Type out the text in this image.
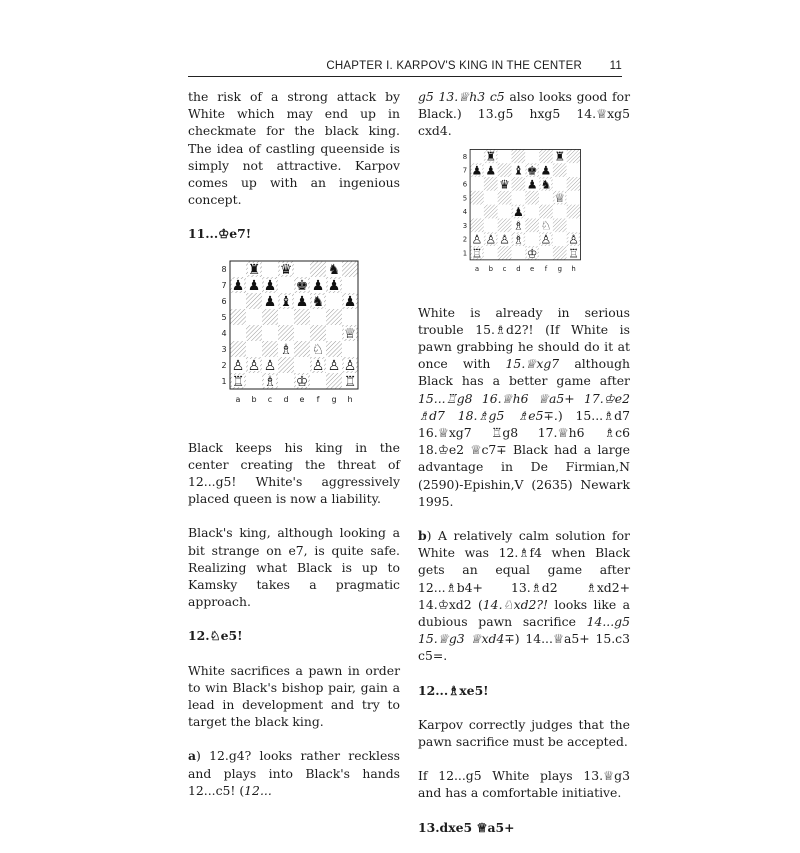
CHAPTER I. KARPOV'S KING IN THE CENTER 11

the risk of a strong attack by White which may end up in checkmate for the black king. The idea of castling queenside is simply not attractive. Karpov comes up with an ingenious concept.

11...♔e7!

8
7
6
5
4
3
2
1
a b c d e f g h
♜ ♛	♞
♟ ♟ ♟ ♚ ♟ ♟
♟ ♝ ♟ ♞ ♟
♕
♗ ♘
♙ ♙ ♙	♙ ♙ ♙
♖ ♗ ♔	♖

Black keeps his king in the center creating the threat of 12...g5! White's aggressively placed queen is now a liability.

Black's king, although looking a bit strange on e7, is quite safe. Realizing what Black is up to Kamsky takes a pragmatic approach.

12.♘e5!

White sacrifices a pawn in order to win Black's bishop pair, gain a lead in development and try to target the black king.

a) 12.g4? looks rather reckless and plays into Black's hands 12...c5! (12...

g5 13.♕h3 c5 also looks good for Black.) 13.g5 hxg5 14.♕xg5 cxd4.

8
7
6
5
4
3
2
1
a b c d e f g h
♜	♜
♟ ♟ ♝ ♚ ♟
♛ ♟ ♞
♕
♟
♗ ♘
♙ ♙ ♙ ♗ ♙ ♙
♖	♔ ♖

White is already in serious trouble 15.♗d2?! (If White is pawn grabbing he should do it at once with 15.♕xg7 although Black has a better game after 15...♖g8 16.♕h6 ♕a5+ 17.♔e2 ♗d7 18.♗g5 ♗e5∓.) 15...♗d7 16.♕xg7 ♖g8 17.♕h6 ♗c6 18.♔e2 ♕c7∓ Black had a large advantage in De Firmian,N (2590)-Epishin,V (2635) Newark 1995.

b) A relatively calm solution for White was 12.♗f4 when Black gets an equal game after 12...♗b4+ 13.♗d2 ♗xd2+ 14.♔xd2 (14.♘xd2?! looks like a dubious pawn sacrifice 14...g5 15.♕g3 ♕xd4∓) 14...♕a5+ 15.c3 c5=.

12...♗xe5!

Karpov correctly judges that the pawn sacrifice must be accepted.

If 12...g5 White plays 13.♕g3 and has a comfortable initiative.

13.dxe5 ♕a5+
